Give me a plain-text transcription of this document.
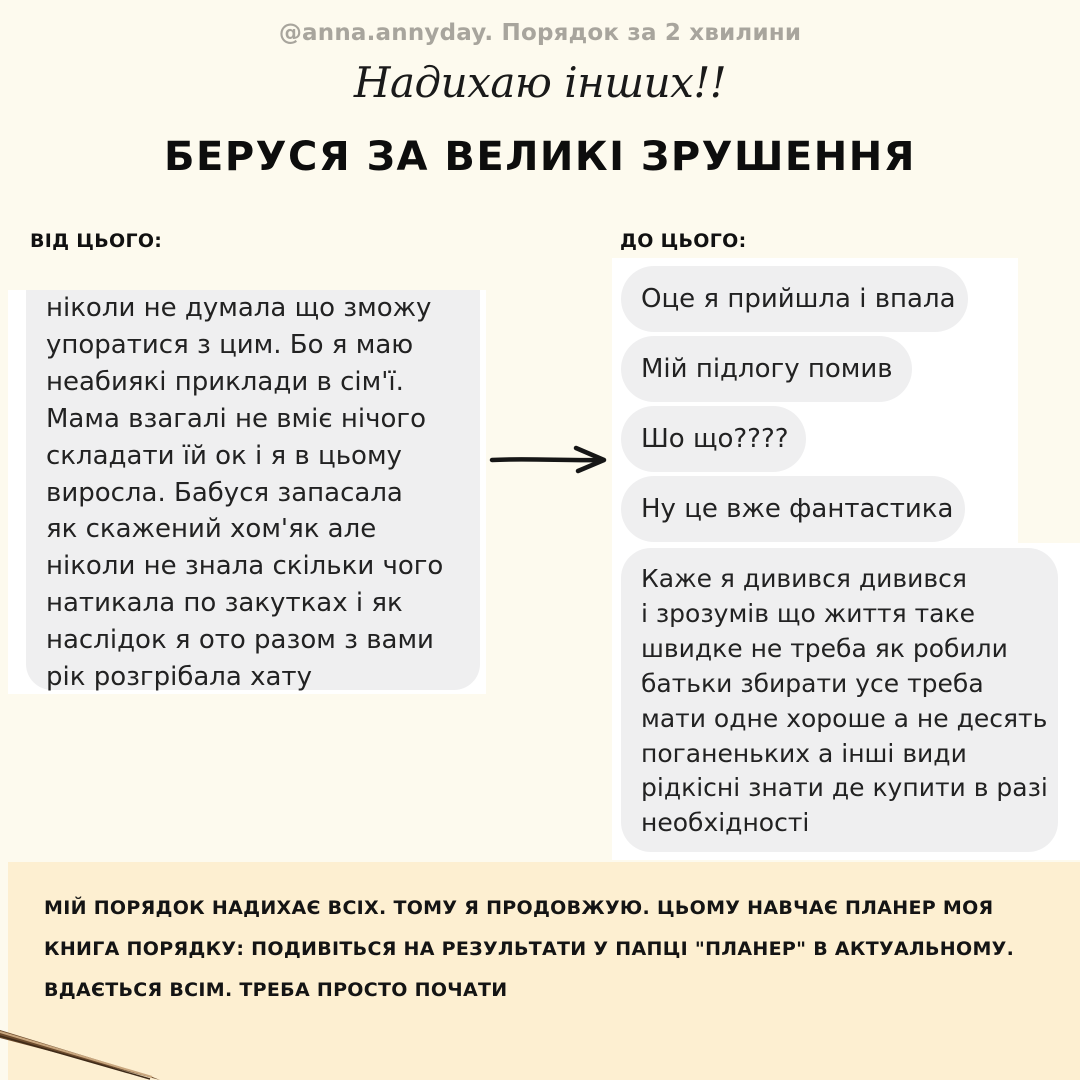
@anna.annyday. Порядок за 2 хвилини
Надихаю інших!!
БЕРУСЯ ЗА ВЕЛИКІ ЗРУШЕННЯ
ВІД ЦЬОГО:	ДО ЦЬОГО:
ніколи не думала що зможу
упоратися з цим. Бо я маю
неабиякі приклади в сім'ї.
Мама взагалі не вміє нічого
складати їй ок і я в цьому
виросла. Бабуся запасала
як скажений хом'як але
ніколи не знала скільки чого
натикала по закутках і як
наслідок я ото разом з вами
рік розгрібала хату
Оце я прийшла і впала
Мій підлогу помив
Шо що????
Ну це вже фантастика
Каже я дивився дивився
і зрозумів що життя таке
швидке не треба як робили
батьки збирати усе треба
мати одне хороше а не десять
поганеньких а інші види
рідкісні знати де купити в разі
необхідності
МІЙ ПОРЯДОК НАДИХАЄ ВСІХ. ТОМУ Я ПРОДОВЖУЮ. ЦЬОМУ НАВЧАЄ ПЛАНЕР МОЯ
КНИГА ПОРЯДКУ: ПОДИВІТЬСЯ НА РЕЗУЛЬТАТИ У ПАПЦІ "ПЛАНЕР" В АКТУАЛЬНОМУ.
ВДАЄТЬСЯ ВСІМ. ТРЕБА ПРОСТО ПОЧАТИ
